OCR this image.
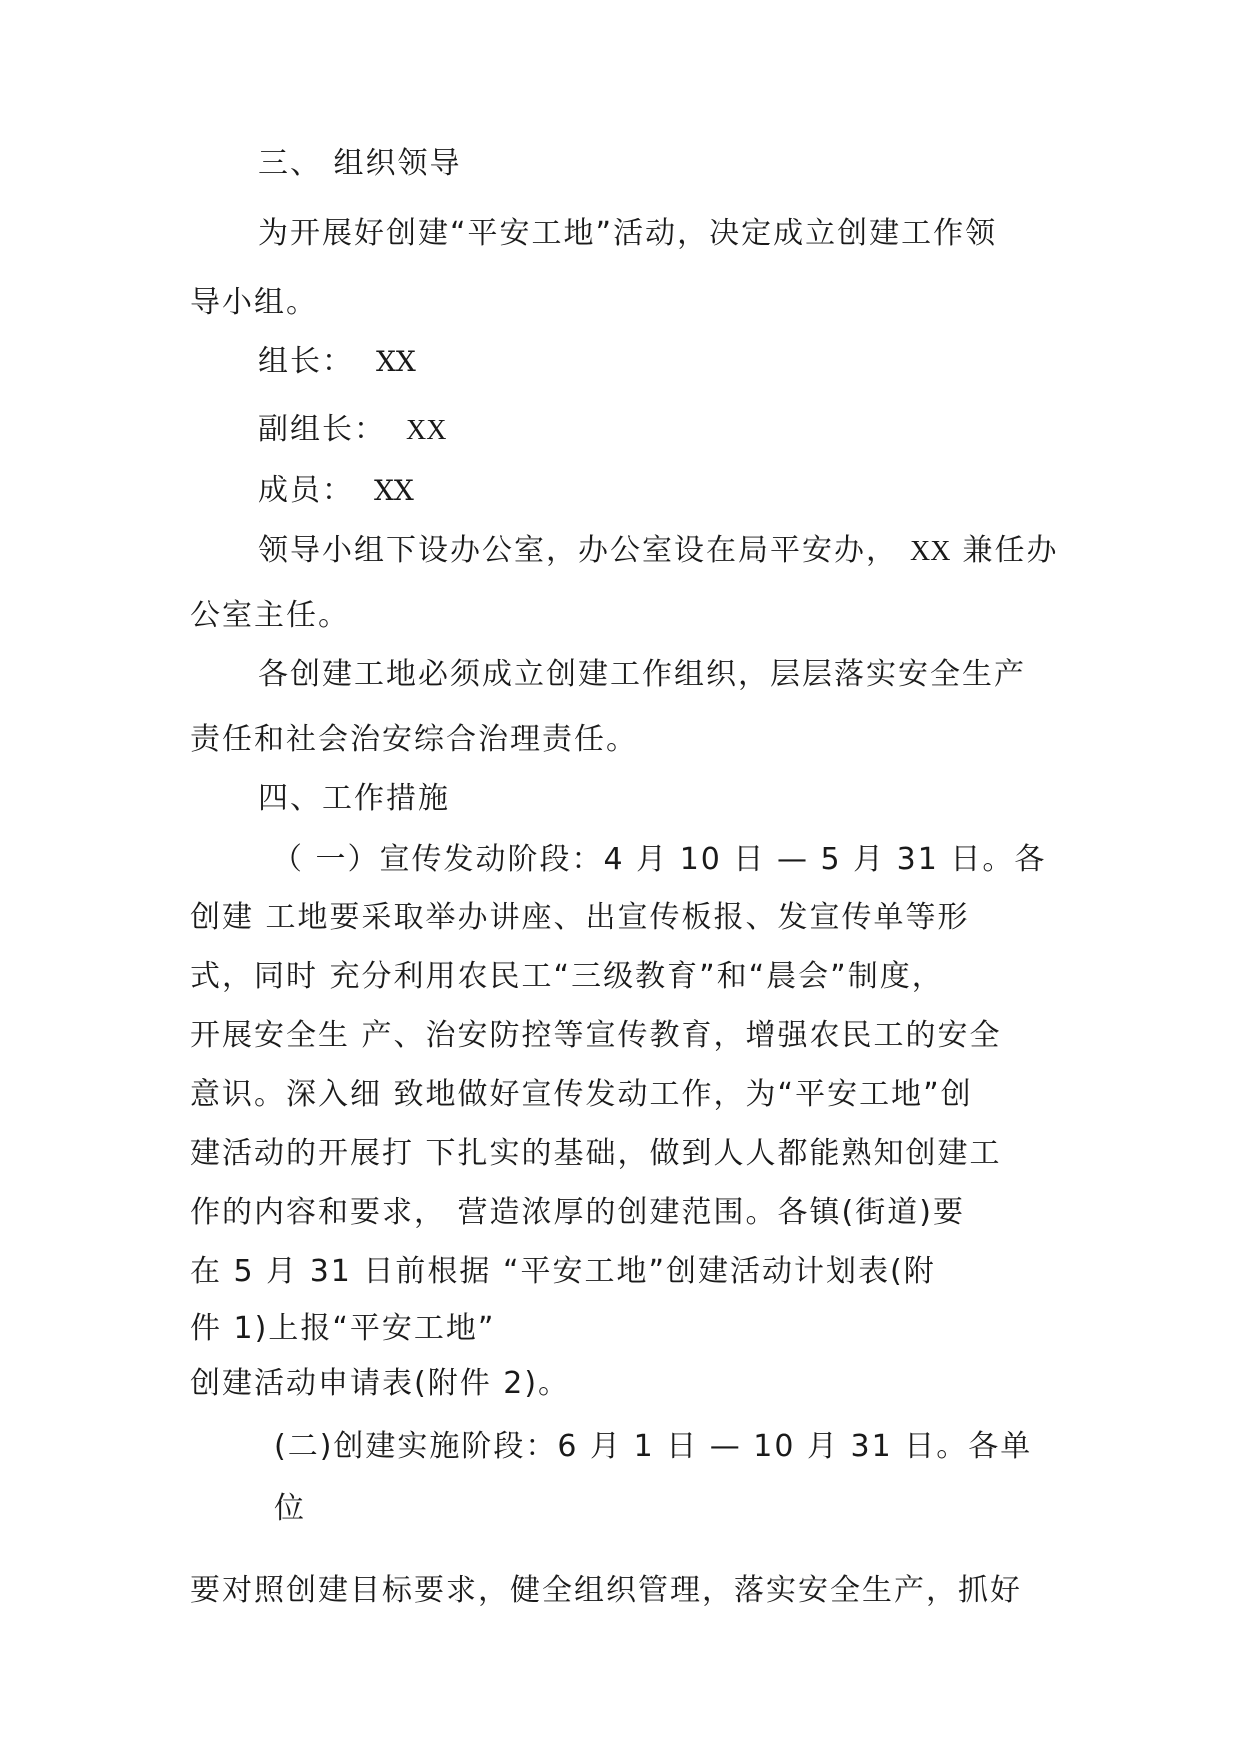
三、 组织领导
为开展好创建“平安工地”活动，决定成立创建工作领
导小组。
组长： XX
副组长： XX
成员： XX
领导小组下设办公室，办公室设在局平安办， XX 兼任办
公室主任。
各创建工地必须成立创建工作组织，层层落实安全生产
责任和社会治安综合治理责任。
四、工作措施
（ 一）宣传发动阶段：4 月 10 日 — 5 月 31 日。各
创建 工地要采取举办讲座、出宣传板报、发宣传单等形
式，同时 充分利用农民工“三级教育”和“晨会”制度，
开展安全生 产、治安防控等宣传教育，增强农民工的安全
意识。深入细 致地做好宣传发动工作，为“平安工地”创
建活动的开展打 下扎实的基础，做到人人都能熟知创建工
作的内容和要求， 营造浓厚的创建范围。各镇(街道)要
在 5 月 31 日前根据 “平安工地”创建活动计划表(附
件 1)上报“平安工地”
创建活动申请表(附件 2)。
(二)创建实施阶段：6 月 1 日 — 10 月 31 日。各单
位
要对照创建目标要求，健全组织管理，落实安全生产，抓好
